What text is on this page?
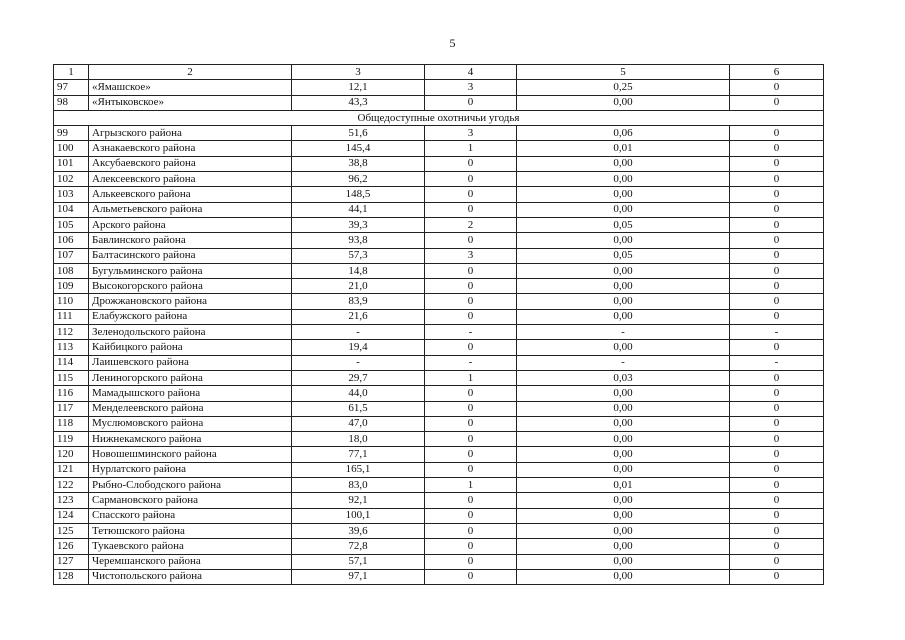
5
1	2	3	4	5	6
97	«Ямашское»	12,1	3	0,25	0
98	«Янтыковское»	43,3	0	0,00	0
Общедоступные охотничьи угодья					
99	Агрызского района	51,6	3	0,06	0
100	Азнакаевского района	145,4	1	0,01	0
101	Аксубаевского района	38,8	0	0,00	0
102	Алексеевского района	96,2	0	0,00	0
103	Алькеевского района	148,5	0	0,00	0
104	Альметьевского района	44,1	0	0,00	0
105	Арского района	39,3	2	0,05	0
106	Бавлинского района	93,8	0	0,00	0
107	Балтасинского района	57,3	3	0,05	0
108	Бугульминского района	14,8	0	0,00	0
109	Высокогорского района	21,0	0	0,00	0
110	Дрожжановского района	83,9	0	0,00	0
111	Елабужского района	21,6	0	0,00	0
112	Зеленодольского района	-	-	-	-
113	Кайбицкого района	19,4	0	0,00	0
114	Лаишевского района	-	-	-	-
115	Лениногорского района	29,7	1	0,03	0
116	Мамадышского района	44,0	0	0,00	0
117	Менделеевского района	61,5	0	0,00	0
118	Муслюмовского района	47,0	0	0,00	0
119	Нижнекамского района	18,0	0	0,00	0
120	Новошешминского района	77,1	0	0,00	0
121	Нурлатского района	165,1	0	0,00	0
122	Рыбно-Слободского района	83,0	1	0,01	0
123	Сармановского района	92,1	0	0,00	0
124	Спасского района	100,1	0	0,00	0
125	Тетюшского района	39,6	0	0,00	0
126	Тукаевского района	72,8	0	0,00	0
127	Черемшанского района	57,1	0	0,00	0
128	Чистопольского района	97,1	0	0,00	0
